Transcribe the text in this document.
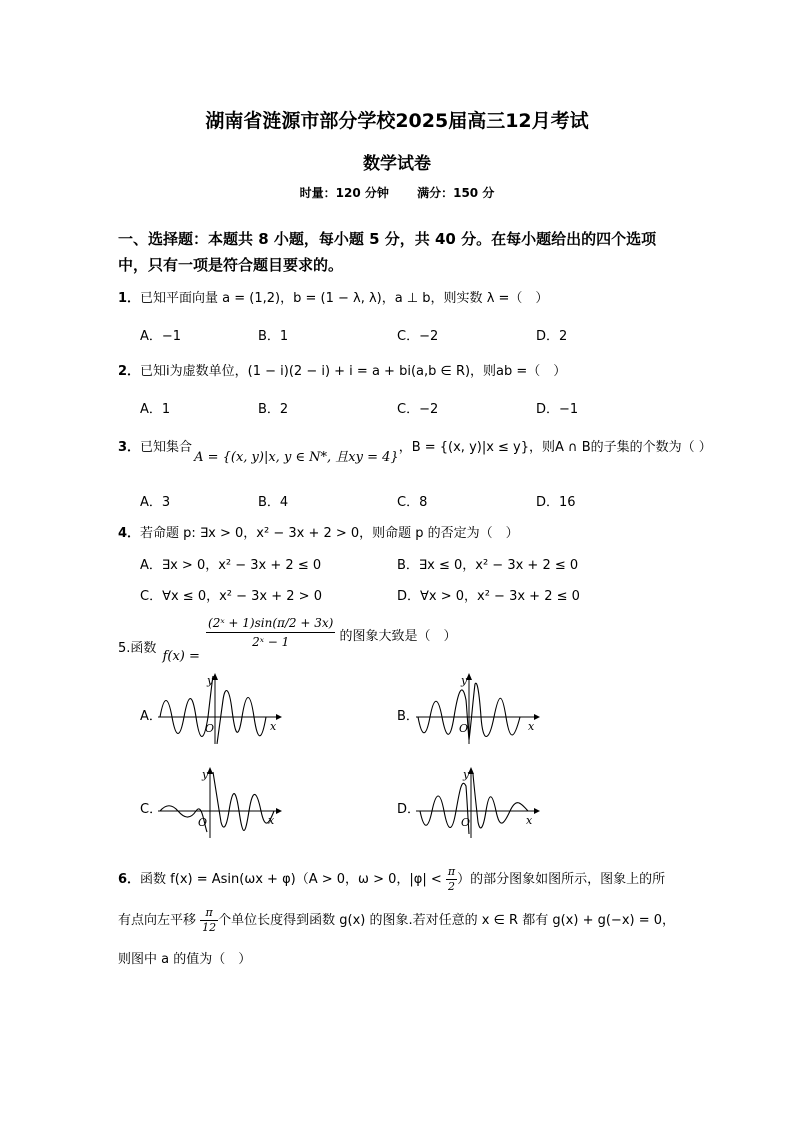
湖南省涟源市部分学校2025届高三12月考试
数学试卷
时量：120 分钟 满分：150 分
一、选择题：本题共 8 小题，每小题 5 分，共 40 分。在每小题给出的四个选项
中，只有一项是符合题目要求的。
1．已知平面向量 a = (1,2)，b = (1 − λ, λ)，a ⊥ b，则实数 λ =（　）
A．−1	B．1	C．−2	D．2
2．已知i为虚数单位，(1 − i)(2 − i) + i = a + bi(a,b ∈ R)，则ab =（　）
A．1	B．2	C．−2	D．−1
3．已知集合A = {(x, y)|x, y ∈ N*, 且xy = 4}，B = {(x, y)|x ≤ y}，则A ∩ B的子集的个数为（ ）
A．3	B．4	C．8	D．16
4．若命题 p: ∃x > 0，x² − 3x + 2 > 0，则命题 p 的否定为（　）
A．∃x > 0，x² − 3x + 2 ≤ 0	B．∃x ≤ 0，x² − 3x + 2 ≤ 0
C．∀x ≤ 0，x² − 3x + 2 > 0	D．∀x > 0，x² − 3x + 2 ≤ 0
5.函数 f(x) =
$\frac{\text{(2ˣ + 1)sin(π/2 + 3x)}}{\text{2ˣ − 1}}$ 的图象大致是（　）
A．	B．
C．	D．
y
x
O
y
x
O
y
x
O
y
x
O
6．函数 f(x) = Asin(ωx + φ)（A > 0，ω > 0，$|\varphi| < \frac{\pi}{2}$ ）的部分图象如图所示，图象上的所
有点向左平移 $\frac{\pi}{12}$ 个单位长度得到函数 g(x) 的图象.若对任意的 x ∈ R 都有 g(x) + g(−x) = 0，
则图中 a 的值为（　）
